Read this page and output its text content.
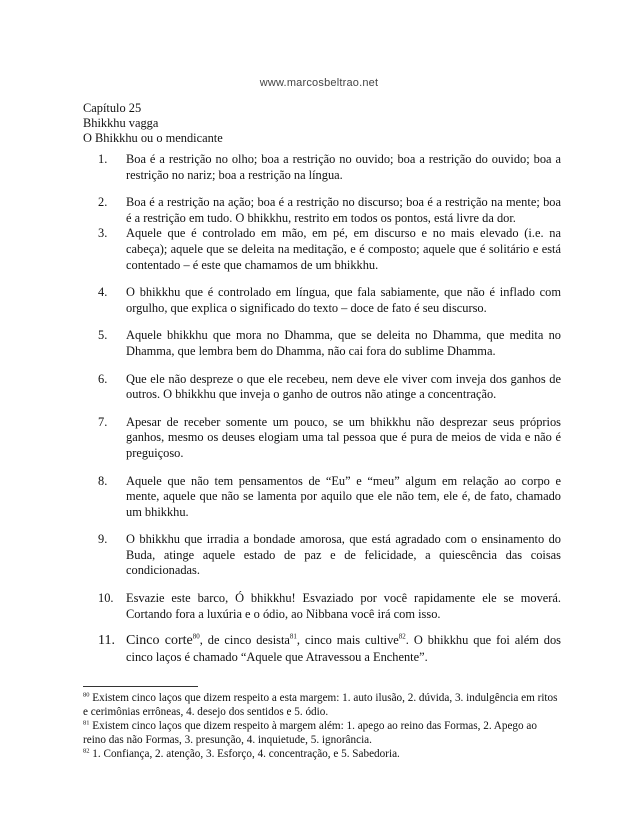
www.marcosbeltrao.net
Capítulo 25
Bhikkhu vagga
O Bhikkhu ou o mendicante
1. Boa é a restrição no olho; boa a restrição no ouvido; boa a restrição do ouvido; boa a restrição no nariz; boa a restrição na língua.
2. Boa é a restrição na ação; boa é a restrição no discurso; boa é a restrição na mente; boa é a restrição em tudo. O bhikkhu, restrito em todos os pontos, está livre da dor.
3. Aquele que é controlado em mão, em pé, em discurso e no mais elevado (i.e. na cabeça); aquele que se deleita na meditação, e é composto; aquele que é solitário e está contentado – é este que chamamos de um bhikkhu.
4. O bhikkhu que é controlado em língua, que fala sabiamente, que não é inflado com orgulho, que explica o significado do texto – doce de fato é seu discurso.
5. Aquele bhikkhu que mora no Dhamma, que se deleita no Dhamma, que medita no Dhamma, que lembra bem do Dhamma, não cai fora do sublime Dhamma.
6. Que ele não despreze o que ele recebeu, nem deve ele viver com inveja dos ganhos de outros. O bhikkhu que inveja o ganho de outros não atinge a concentração.
7. Apesar de receber somente um pouco, se um bhikkhu não desprezar seus próprios ganhos, mesmo os deuses elogiam uma tal pessoa que é pura de meios de vida e não é preguiçoso.
8. Aquele que não tem pensamentos de “Eu” e “meu” algum em relação ao corpo e mente, aquele que não se lamenta por aquilo que ele não tem, ele é, de fato, chamado um bhikkhu.
9. O bhikkhu que irradia a bondade amorosa, que está agradado com o ensinamento do Buda, atinge aquele estado de paz e de felicidade, a quiescência das coisas condicionadas.
10. Esvazie este barco, Ó bhikkhu! Esvaziado por você rapidamente ele se moverá. Cortando fora a luxúria e o ódio, ao Nibbana você irá com isso.
11. Cinco corte$^{80}$, de cinco desista$^{81}$, cinco mais cultive$^{82}$. O bhikkhu que foi além dos cinco laços é chamado “Aquele que Atravessou a Enchente”.
$^{80}$ Existem cinco laços que dizem respeito a esta margem: 1. auto ilusão, 2. dúvida, 3. indulgência em ritos e cerimônias errôneas, 4. desejo dos sentidos e 5. ódio.
$^{81}$ Existem cinco laços que dizem respeito à margem além: 1. apego ao reino das Formas, 2. Apego ao reino das não Formas, 3. presunção, 4. inquietude, 5. ignorância.
$^{82}$ 1. Confiança, 2. atenção, 3. Esforço, 4. concentração, e 5. Sabedoria.
